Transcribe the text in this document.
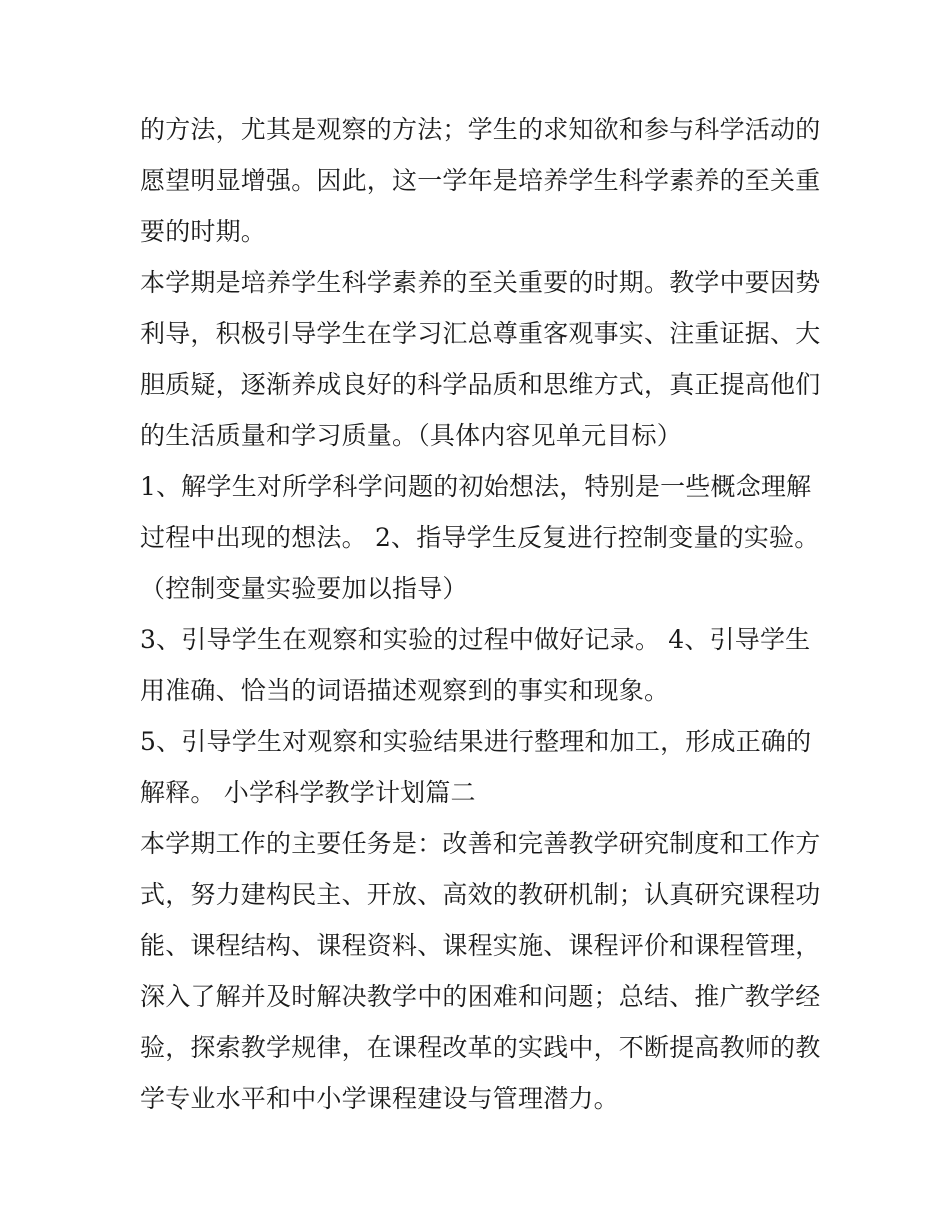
的方法，尤其是观察的方法；学生的求知欲和参与科学活动的
愿望明显增强。因此，这一学年是培养学生科学素养的至关重
要的时期。
本学期是培养学生科学素养的至关重要的时期。教学中要因势
利导，积极引导学生在学习汇总尊重客观事实、注重证据、大
胆质疑，逐渐养成良好的科学品质和思维方式，真正提高他们
的生活质量和学习质量。（具体内容见单元目标）
1、解学生对所学科学问题的初始想法，特别是一些概念理解
过程中出现的想法。 2、指导学生反复进行控制变量的实验。
（控制变量实验要加以指导）
3、引导学生在观察和实验的过程中做好记录。 4、引导学生
用准确、恰当的词语描述观察到的事实和现象。
5、引导学生对观察和实验结果进行整理和加工，形成正确的
解释。 小学科学教学计划篇二
本学期工作的主要任务是：改善和完善教学研究制度和工作方
式，努力建构民主、开放、高效的教研机制；认真研究课程功
能、课程结构、课程资料、课程实施、课程评价和课程管理，
深入了解并及时解决教学中的困难和问题；总结、推广教学经
验，探索教学规律，在课程改革的实践中，不断提高教师的教
学专业水平和中小学课程建设与管理潜力。
